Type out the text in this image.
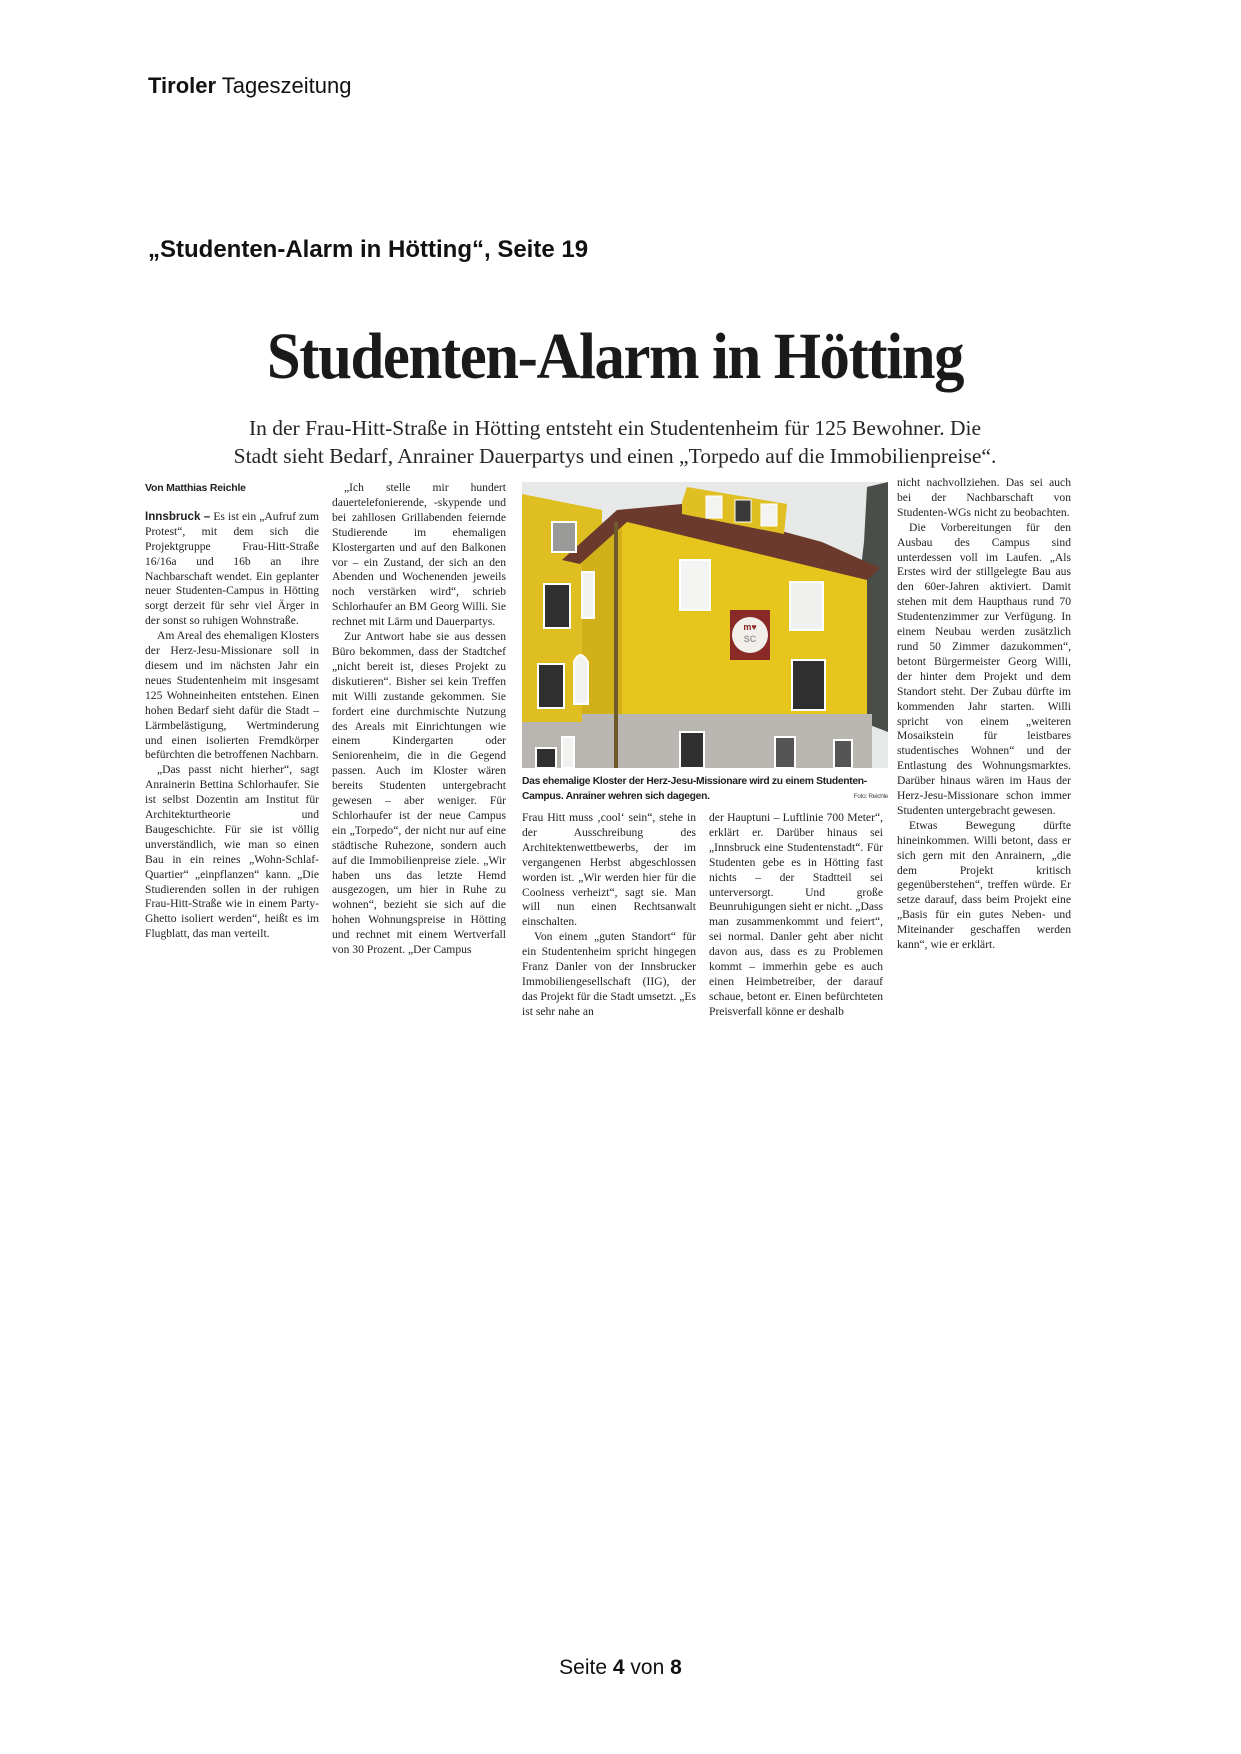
Tiroler Tageszeitung
„Studenten-Alarm in Hötting“, Seite 19
Studenten-Alarm in Hötting
In der Frau-Hitt-Straße in Hötting entsteht ein Studentenheim für 125 Bewohner. Die
Stadt sieht Bedarf, Anrainer Dauerpartys und einen „Torpedo auf die Immobilienpreise“.
Von Matthias Reichle

Innsbruck – Es ist ein „Aufruf zum Protest“, mit dem sich die Projektgruppe Frau-Hitt-Straße 16/16a und 16b an ihre Nachbarschaft wendet. Ein geplanter neuer Studenten-Campus in Hötting sorgt derzeit für sehr viel Ärger in der sonst so ruhigen Wohnstraße.

Am Areal des ehemaligen Klosters der Herz-Jesu-Missionare soll in diesem und im nächsten Jahr ein neues Studentenheim mit insgesamt 125 Wohneinheiten entstehen. Einen hohen Bedarf sieht dafür die Stadt – Lärmbelästigung, Wertminderung und einen isolierten Fremdkörper befürchten die betroffenen Nachbarn.

„Das passt nicht hierher“, sagt Anrainerin Bettina Schlorhaufer. Sie ist selbst Dozentin am Institut für Architekturtheorie und Baugeschichte. Für sie ist völlig unverständlich, wie man so einen Bau in ein reines „Wohn-Schlaf-Quartier“ „einpflanzen“ kann. „Die Studierenden sollen in der ruhigen Frau-Hitt-Straße wie in einem Party-Ghetto isoliert werden“, heißt es im Flugblatt, das man verteilt.

„Ich stelle mir hundert dauertelefonierende, -skypende und bei zahllosen Grillabenden feiernde Studierende im ehemaligen Klostergarten und auf den Balkonen vor – ein Zustand, der sich an den Abenden und Wochenenden jeweils noch verstärken wird“, schrieb Schlorhaufer an BM Georg Willi. Sie rechnet mit Lärm und Dauerpartys.

Zur Antwort habe sie aus dessen Büro bekommen, dass der Stadtchef „nicht bereit ist, dieses Projekt zu diskutieren“. Bisher sei kein Treffen mit Willi zustande gekommen. Sie fordert eine durchmischte Nutzung des Areals mit Einrichtungen wie einem Kindergarten oder Seniorenheim, die in die Gegend passen. Auch im Kloster wären bereits Studenten untergebracht gewesen – aber weniger. Für Schlorhaufer ist der neue Campus ein „Torpedo“, der nicht nur auf eine städtische Ruhezone, sondern auch auf die Immobilienpreise ziele. „Wir haben uns das letzte Hemd ausgezogen, um hier in Ruhe zu wohnen“, bezieht sie sich auf die hohen Wohnungspreise in Hötting und rechnet mit einem Wertverfall von 30 Prozent. „Der Campus

m♥
SC
Das ehemalige Kloster der Herz-Jesu-Missionare wird zu einem Studenten-Campus. Anrainer wehren sich dagegen.	Foto: Reichle

Frau Hitt muss ‚cool‘ sein“, stehe in der Ausschreibung des Architektenwettbewerbs, der im vergangenen Herbst abgeschlossen worden ist. „Wir werden hier für die Coolness verheizt“, sagt sie. Man will nun einen Rechtsanwalt einschalten.

Von einem „guten Standort“ für ein Studentenheim spricht hingegen Franz Danler von der Innsbrucker Immobiliengesellschaft (IIG), der das Projekt für die Stadt umsetzt. „Es ist sehr nahe an

der Hauptuni – Luftlinie 700 Meter“, erklärt er. Darüber hinaus sei „Innsbruck eine Studentenstadt“. Für Studenten gebe es in Hötting fast nichts – der Stadtteil sei unterversorgt. Und große Beunruhigungen sieht er nicht. „Dass man zusammenkommt und feiert“, sei normal. Danler geht aber nicht davon aus, dass es zu Problemen kommt – immerhin gebe es auch einen Heimbetreiber, der darauf schaue, betont er. Einen befürchteten Preisverfall könne er deshalb

nicht nachvollziehen. Das sei auch bei der Nachbarschaft von Studenten-WGs nicht zu beobachten.

Die Vorbereitungen für den Ausbau des Campus sind unterdessen voll im Laufen. „Als Erstes wird der stillgelegte Bau aus den 60er-Jahren aktiviert. Damit stehen mit dem Haupthaus rund 70 Studentenzimmer zur Verfügung. In einem Neubau werden zusätzlich rund 50 Zimmer dazukommen“, betont Bürgermeister Georg Willi, der hinter dem Projekt und dem Standort steht. Der Zubau dürfte im kommenden Jahr starten. Willi spricht von einem „weiteren Mosaikstein für leistbares studentisches Wohnen“ und der Entlastung des Wohnungsmarktes. Darüber hinaus wären im Haus der Herz-Jesu-Missionare schon immer Studenten untergebracht gewesen.

Etwas Bewegung dürfte hineinkommen. Willi betont, dass er sich gern mit den Anrainern, „die dem Projekt kritisch gegenüberstehen“, treffen würde. Er setze darauf, dass beim Projekt eine „Basis für ein gutes Neben- und Miteinander geschaffen werden kann“, wie er erklärt.

Seite 4 von 8
